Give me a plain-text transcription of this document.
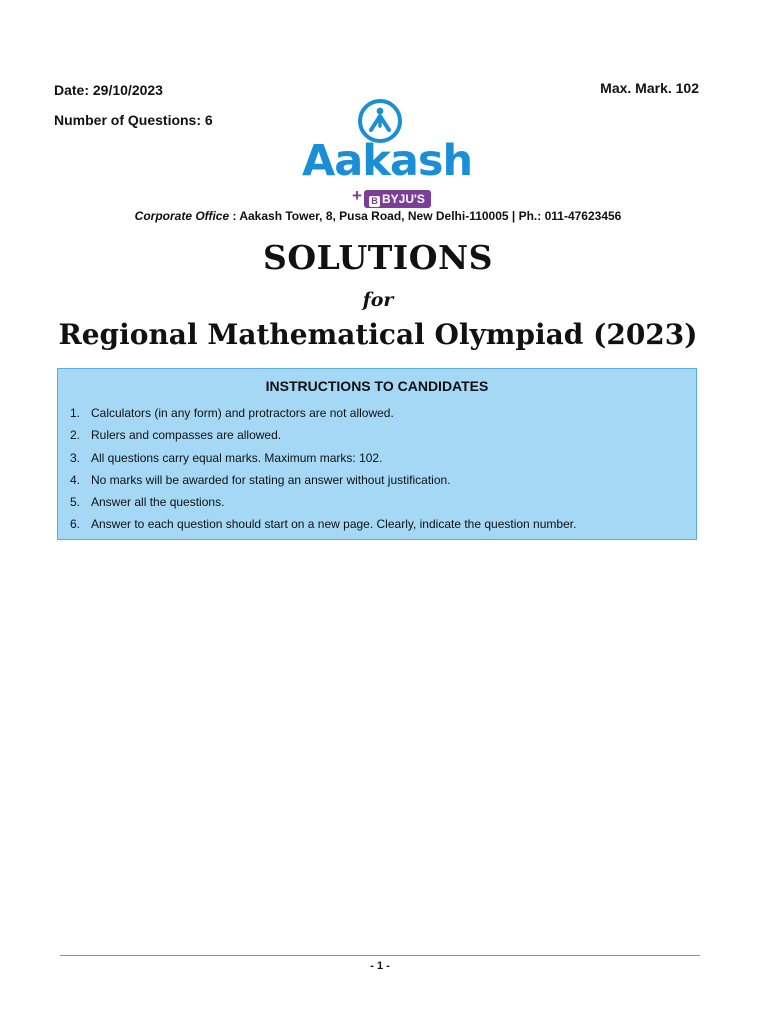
Date: 29/10/2023
Number of Questions: 6
Max. Mark. 102
Aakash
+	B BYJU'S
Corporate Office : Aakash Tower, 8, Pusa Road, New Delhi-110005 | Ph.: 011-47623456
SOLUTIONS
for
Regional Mathematical Olympiad (2023)
INSTRUCTIONS TO CANDIDATES
1. Calculators (in any form) and protractors are not allowed.
2. Rulers and compasses are allowed.
3. All questions carry equal marks. Maximum marks: 102.
4. No marks will be awarded for stating an answer without justification.
5. Answer all the questions.
6. Answer to each question should start on a new page. Clearly, indicate the question number.
- 1 -
